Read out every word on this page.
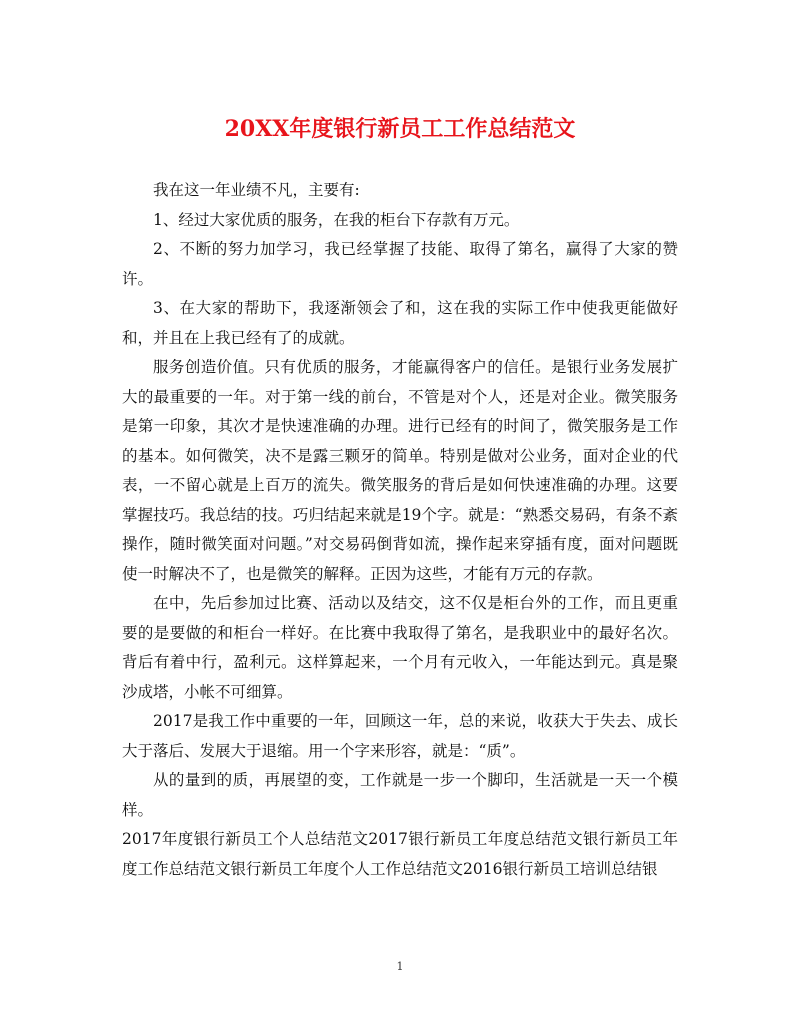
20XX年度银行新员工工作总结范文

我在这一年业绩不凡，主要有:

1、经过大家优质的服务，在我的柜台下存款有万元。

2、不断的努力加学习，我已经掌握了技能、取得了第名，赢得了大家的赞许。

3、在大家的帮助下，我逐渐领会了和，这在我的实际工作中使我更能做好和，并且在上我已经有了的成就。

服务创造价值。只有优质的服务，才能赢得客户的信任。是银行业务发展扩大的最重要的一年。对于第一线的前台，不管是对个人，还是对企业。微笑服务是第一印象，其次才是快速准确的办理。进行已经有的时间了，微笑服务是工作的基本。如何微笑，决不是露三颗牙的简单。特别是做对公业务，面对企业的代表，一不留心就是上百万的流失。微笑服务的背后是如何快速准确的办理。这要掌握技巧。我总结的技。巧归结起来就是19个字。就是：“熟悉交易码，有条不紊操作，随时微笑面对问题。”对交易码倒背如流，操作起来穿插有度，面对问题既使一时解决不了，也是微笑的解释。正因为这些，才能有万元的存款。

在中，先后参加过比赛、活动以及结交，这不仅是柜台外的工作，而且更重要的是要做的和柜台一样好。在比赛中我取得了第名，是我职业中的最好名次。背后有着中行，盈利元。这样算起来，一个月有元收入，一年能达到元。真是聚沙成塔，小帐不可细算。

2017是我工作中重要的一年，回顾这一年，总的来说，收获大于失去、成长大于落后、发展大于退缩。用一个字来形容，就是：“质”。

从的量到的质，再展望的变，工作就是一步一个脚印，生活就是一天一个模样。

2017年度银行新员工个人总结范文2017银行新员工年度总结范文银行新员工年度工作总结范文银行新员工年度个人工作总结范文2016银行新员工培训总结银

1
